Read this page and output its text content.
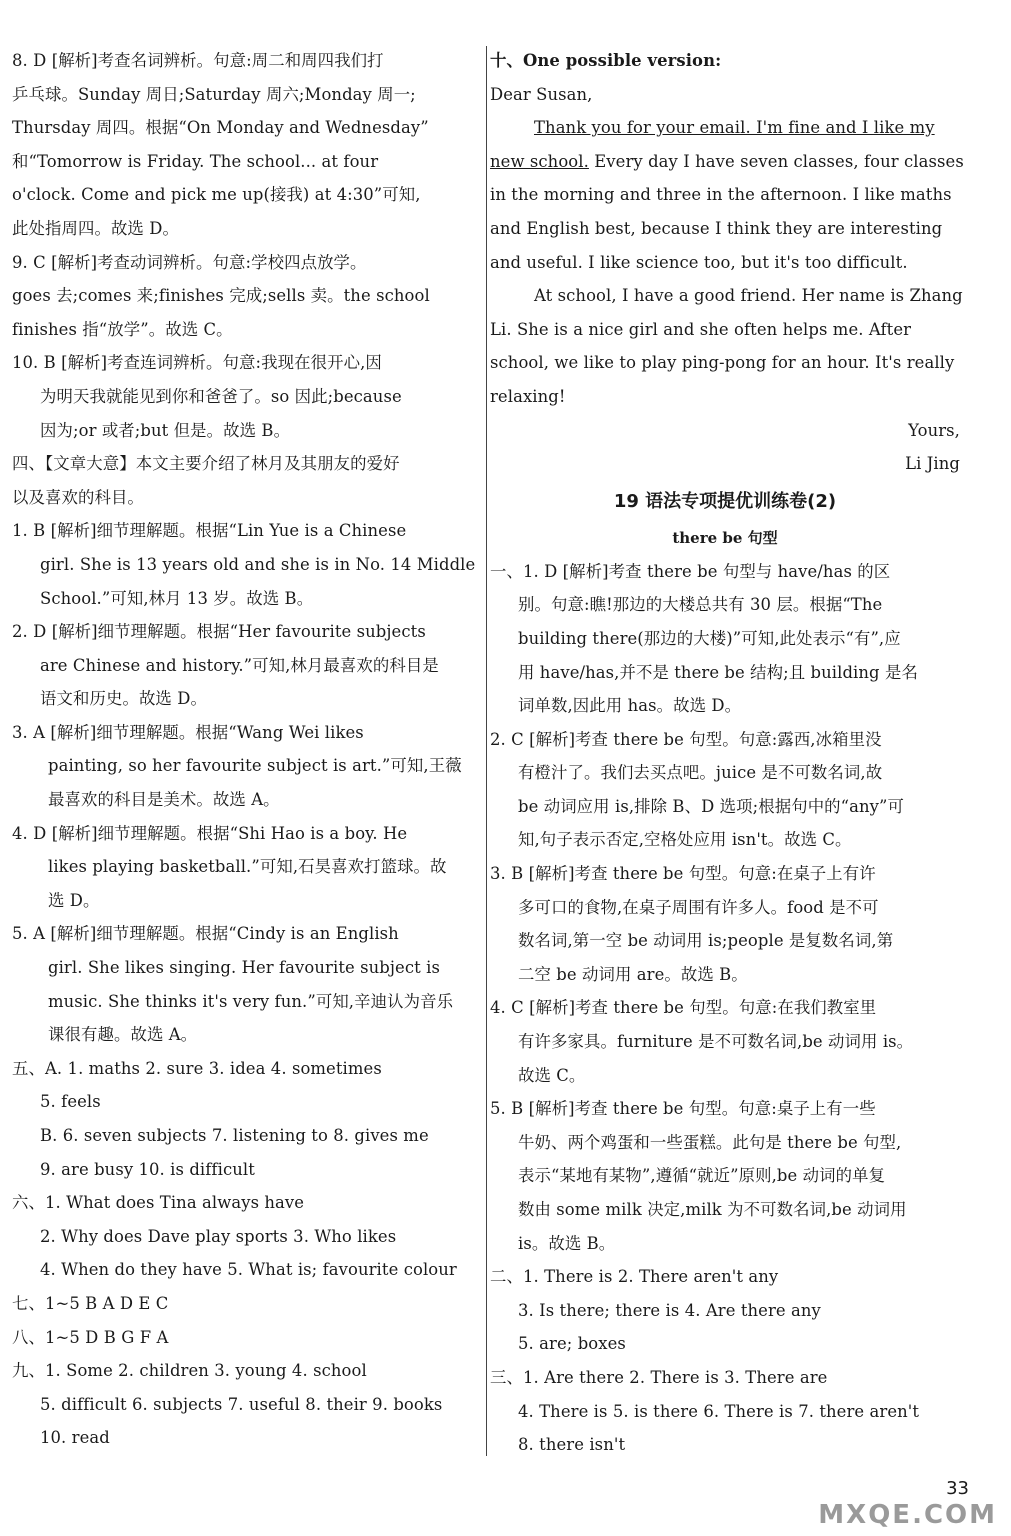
8. D [解析]考查名词辨析。句意:周二和周四我们打
乒乓球。Sunday 周日;Saturday 周六;Monday 周一;
Thursday 周四。根据“On Monday and Wednesday”
和“Tomorrow is Friday. The school... at four
o'clock. Come and pick me up(接我) at 4:30”可知,
此处指周四。故选 D。
9. C [解析]考查动词辨析。句意:学校四点放学。
goes 去;comes 来;finishes 完成;sells 卖。the school
finishes 指“放学”。故选 C。
10. B [解析]考查连词辨析。句意:我现在很开心,因
为明天我就能见到你和爸爸了。so 因此;because
因为;or 或者;but 但是。故选 B。
四、【文章大意】本文主要介绍了林月及其朋友的爱好
以及喜欢的科目。
1. B [解析]细节理解题。根据“Lin Yue is a Chinese
girl. She is 13 years old and she is in No. 14 Middle
School.”可知,林月 13 岁。故选 B。
2. D [解析]细节理解题。根据“Her favourite subjects
are Chinese and history.”可知,林月最喜欢的科目是
语文和历史。故选 D。
3. A [解析]细节理解题。根据“Wang Wei likes
painting, so her favourite subject is art.”可知,王薇
最喜欢的科目是美术。故选 A。
4. D [解析]细节理解题。根据“Shi Hao is a boy. He
likes playing basketball.”可知,石昊喜欢打篮球。故
选 D。
5. A [解析]细节理解题。根据“Cindy is an English
girl. She likes singing. Her favourite subject is
music. She thinks it's very fun.”可知,辛迪认为音乐
课很有趣。故选 A。
五、A. 1. maths 2. sure 3. idea 4. sometimes
5. feels
B. 6. seven subjects 7. listening to 8. gives me
9. are busy 10. is difficult
六、1. What does Tina always have
2. Why does Dave play sports 3. Who likes
4. When do they have 5. What is; favourite colour
七、1~5 B A D E C
八、1~5 D B G F A
九、1. Some 2. children 3. young 4. school
5. difficult 6. subjects 7. useful 8. their 9. books
10. read
十、One possible version:
Dear Susan,
Thank you for your email. I'm fine and I like my
new school. Every day I have seven classes, four classes
in the morning and three in the afternoon. I like maths
and English best, because I think they are interesting
and useful. I like science too, but it's too difficult.
At school, I have a good friend. Her name is Zhang
Li. She is a nice girl and she often helps me. After
school, we like to play ping-pong for an hour. It's really
relaxing!
Yours,
Li Jing
19 语法专项提优训练卷(2)
there be 句型
一、1. D [解析]考查 there be 句型与 have/has 的区
别。句意:瞧!那边的大楼总共有 30 层。根据“The
building there(那边的大楼)”可知,此处表示“有”,应
用 have/has,并不是 there be 结构;且 building 是名
词单数,因此用 has。故选 D。
2. C [解析]考查 there be 句型。句意:露西,冰箱里没
有橙汁了。我们去买点吧。juice 是不可数名词,故
be 动词应用 is,排除 B、D 选项;根据句中的“any”可
知,句子表示否定,空格处应用 isn't。故选 C。
3. B [解析]考查 there be 句型。句意:在桌子上有许
多可口的食物,在桌子周围有许多人。food 是不可
数名词,第一空 be 动词用 is;people 是复数名词,第
二空 be 动词用 are。故选 B。
4. C [解析]考查 there be 句型。句意:在我们教室里
有许多家具。furniture 是不可数名词,be 动词用 is。
故选 C。
5. B [解析]考查 there be 句型。句意:桌子上有一些
牛奶、两个鸡蛋和一些蛋糕。此句是 there be 句型,
表示“某地有某物”,遵循“就近”原则,be 动词的单复
数由 some milk 决定,milk 为不可数名词,be 动词用
is。故选 B。
二、1. There is 2. There aren't any
3. Is there; there is 4. Are there any
5. are; boxes
三、1. Are there 2. There is 3. There are
4. There is 5. is there 6. There is 7. there aren't
8. there isn't
33
MXQE.COM
